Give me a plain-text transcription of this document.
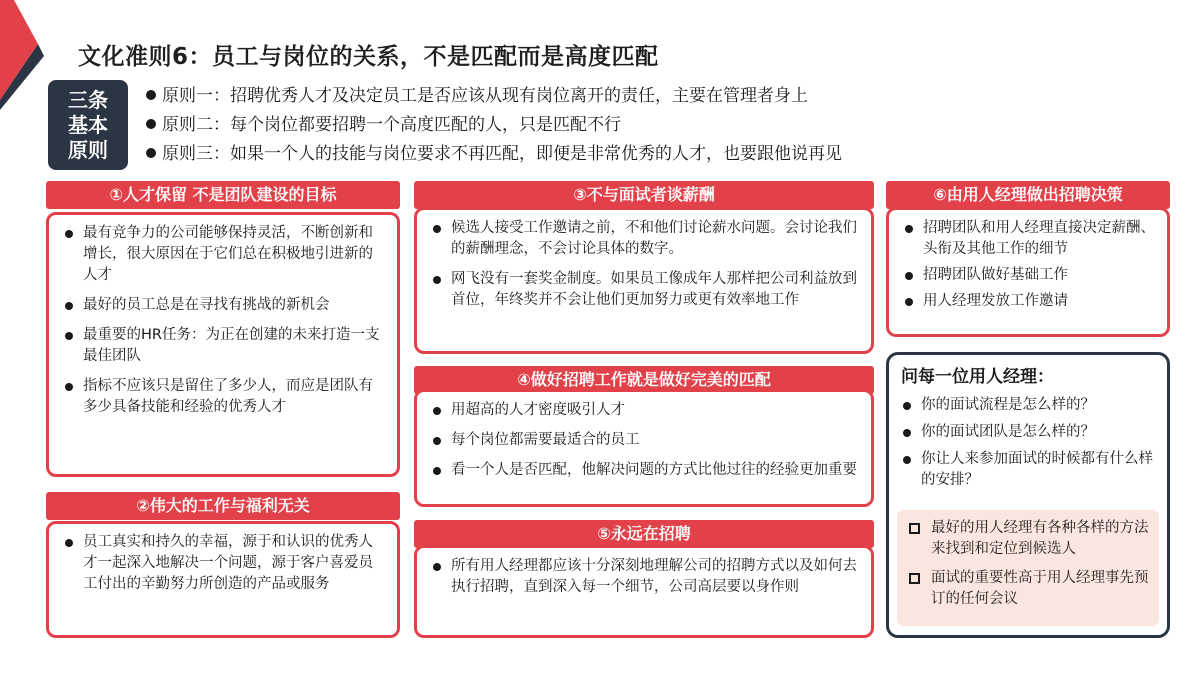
文化准则6：员工与岗位的关系，不是匹配而是高度匹配
三条
基本
原则
原则一：招聘优秀人才及决定员工是否应该从现有岗位离开的责任，主要在管理者身上
原则二：每个岗位都要招聘一个高度匹配的人，只是匹配不行
原则三：如果一个人的技能与岗位要求不再匹配，即便是非常优秀的人才，也要跟他说再见
①人才保留 不是团队建设的目标
最有竞争力的公司能够保持灵活，不断创新和增长，很大原因在于它们总在积极地引进新的人才
最好的员工总是在寻找有挑战的新机会
最重要的HR任务：为正在创建的未来打造一支最佳团队
指标不应该只是留住了多少人，而应是团队有多少具备技能和经验的优秀人才
②伟大的工作与福利无关
员工真实和持久的幸福，源于和认识的优秀人才一起深入地解决一个问题，源于客户喜爱员工付出的辛勤努力所创造的产品或服务
③不与面试者谈薪酬
候选人接受工作邀请之前，不和他们讨论薪水问题。会讨论我们的薪酬理念，不会讨论具体的数字。
网飞没有一套奖金制度。如果员工像成年人那样把公司利益放到首位，年终奖并不会让他们更加努力或更有效率地工作
④做好招聘工作就是做好完美的匹配
用超高的人才密度吸引人才
每个岗位都需要最适合的员工
看一个人是否匹配，他解决问题的方式比他过往的经验更加重要
⑤永远在招聘
所有用人经理都应该十分深刻地理解公司的招聘方式以及如何去执行招聘，直到深入每一个细节，公司高层要以身作则
⑥由用人经理做出招聘决策
招聘团队和用人经理直接决定薪酬、头衔及其他工作的细节
招聘团队做好基础工作
用人经理发放工作邀请
问每一位用人经理：
你的面试流程是怎么样的？
你的面试团队是怎么样的？
你让人来参加面试的时候都有什么样的安排？
最好的用人经理有各种各样的方法来找到和定位到候选人
面试的重要性高于用人经理事先预订的任何会议
